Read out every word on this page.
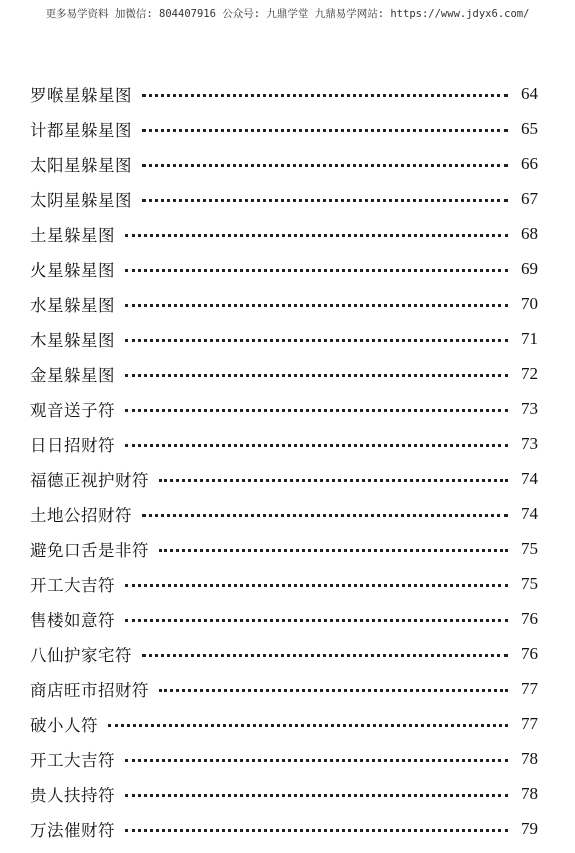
更多易学资料 加微信: 804407916 公众号: 九鼎学堂 九鼎易学网站: https://www.jdyx6.com/
罗喉星躲星图	64
计都星躲星图	65
太阳星躲星图	66
太阴星躲星图	67
土星躲星图	68
火星躲星图	69
水星躲星图	70
木星躲星图	71
金星躲星图	72
观音送子符	73
日日招财符	73
福德正视护财符	74
土地公招财符	74
避免口舌是非符	75
开工大吉符	75
售楼如意符	76
八仙护家宅符	76
商店旺市招财符	77
破小人符	77
开工大吉符	78
贵人扶持符	78
万法催财符	79
